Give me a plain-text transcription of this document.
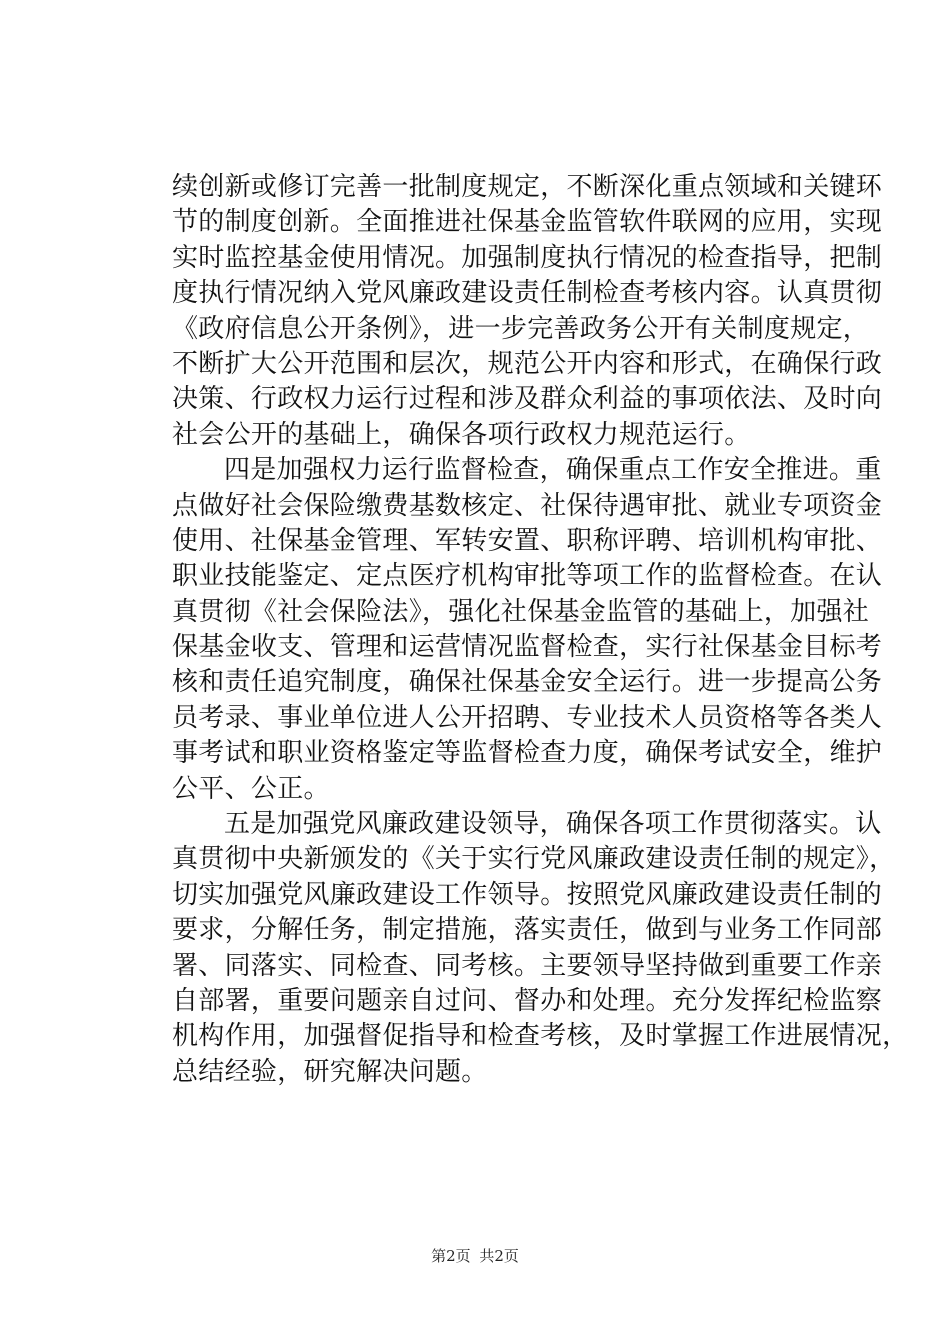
续创新或修订完善一批制度规定，不断深化重点领域和关键环
节的制度创新。全面推进社保基金监管软件联网的应用，实现
实时监控基金使用情况。加强制度执行情况的检查指导，把制
度执行情况纳入党风廉政建设责任制检查考核内容。认真贯彻
《政府信息公开条例》，进一步完善政务公开有关制度规定，
不断扩大公开范围和层次，规范公开内容和形式，在确保行政
决策、行政权力运行过程和涉及群众利益的事项依法、及时向
社会公开的基础上，确保各项行政权力规范运行。
四是加强权力运行监督检查，确保重点工作安全推进。重
点做好社会保险缴费基数核定、社保待遇审批、就业专项资金
使用、社保基金管理、军转安置、职称评聘、培训机构审批、
职业技能鉴定、定点医疗机构审批等项工作的监督检查。在认
真贯彻《社会保险法》，强化社保基金监管的基础上，加强社
保基金收支、管理和运营情况监督检查，实行社保基金目标考
核和责任追究制度，确保社保基金安全运行。进一步提高公务
员考录、事业单位进人公开招聘、专业技术人员资格等各类人
事考试和职业资格鉴定等监督检查力度，确保考试安全，维护
公平、公正。
五是加强党风廉政建设领导，确保各项工作贯彻落实。认
真贯彻中央新颁发的《关于实行党风廉政建设责任制的规定》，
切实加强党风廉政建设工作领导。按照党风廉政建设责任制的
要求，分解任务，制定措施，落实责任，做到与业务工作同部
署、同落实、同检查、同考核。主要领导坚持做到重要工作亲
自部署，重要问题亲自过问、督办和处理。充分发挥纪检监察
机构作用，加强督促指导和检查考核，及时掌握工作进展情况，
总结经验，研究解决问题。
第2页 共2页
